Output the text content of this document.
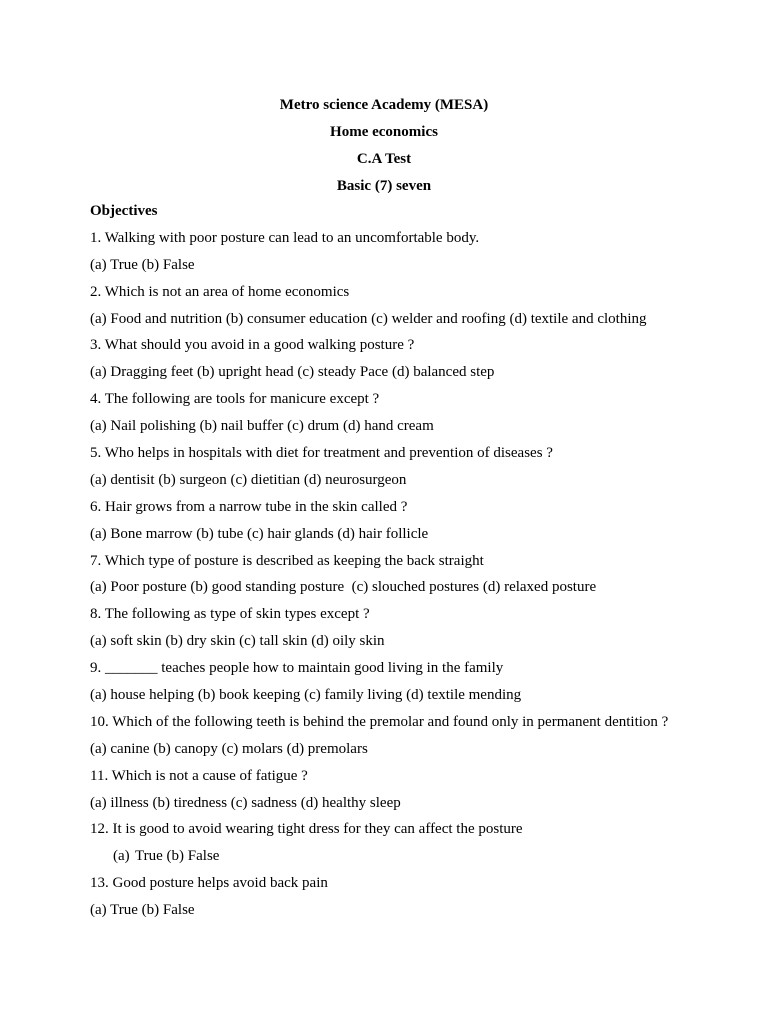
Metro science Academy (MESA)
Home economics
C.A Test
Basic (7) seven
Objectives
1. Walking with poor posture can lead to an uncomfortable body.
(a) True (b) False
2. Which is not an area of home economics
(a) Food and nutrition (b) consumer education (c) welder and roofing (d) textile and clothing
3. What should you avoid in a good walking posture ?
(a) Dragging feet (b) upright head (c) steady Pace (d) balanced step
4. The following are tools for manicure except ?
(a) Nail polishing (b) nail buffer (c) drum (d) hand cream
5. Who helps in hospitals with diet for treatment and prevention of diseases ?
(a) dentisit (b) surgeon (c) dietitian (d) neurosurgeon
6. Hair grows from a narrow tube in the skin called ?
(a) Bone marrow (b) tube (c) hair glands (d) hair follicle
7. Which type of posture is described as keeping the back straight
(a) Poor posture (b) good standing posture  (c) slouched postures (d) relaxed posture
8. The following as type of skin types except ?
(a) soft skin (b) dry skin (c) tall skin (d) oily skin
9. _______ teaches people how to maintain good living in the family
(a) house helping (b) book keeping (c) family living (d) textile mending
10. Which of the following teeth is behind the premolar and found only in permanent dentition ?
(a) canine (b) canopy (c) molars (d) premolars
11. Which is not a cause of fatigue ?
(a) illness (b) tiredness (c) sadness (d) healthy sleep
12. It is good to avoid wearing tight dress for they can affect the posture
(a) True (b) False
13. Good posture helps avoid back pain
(a) True (b) False
